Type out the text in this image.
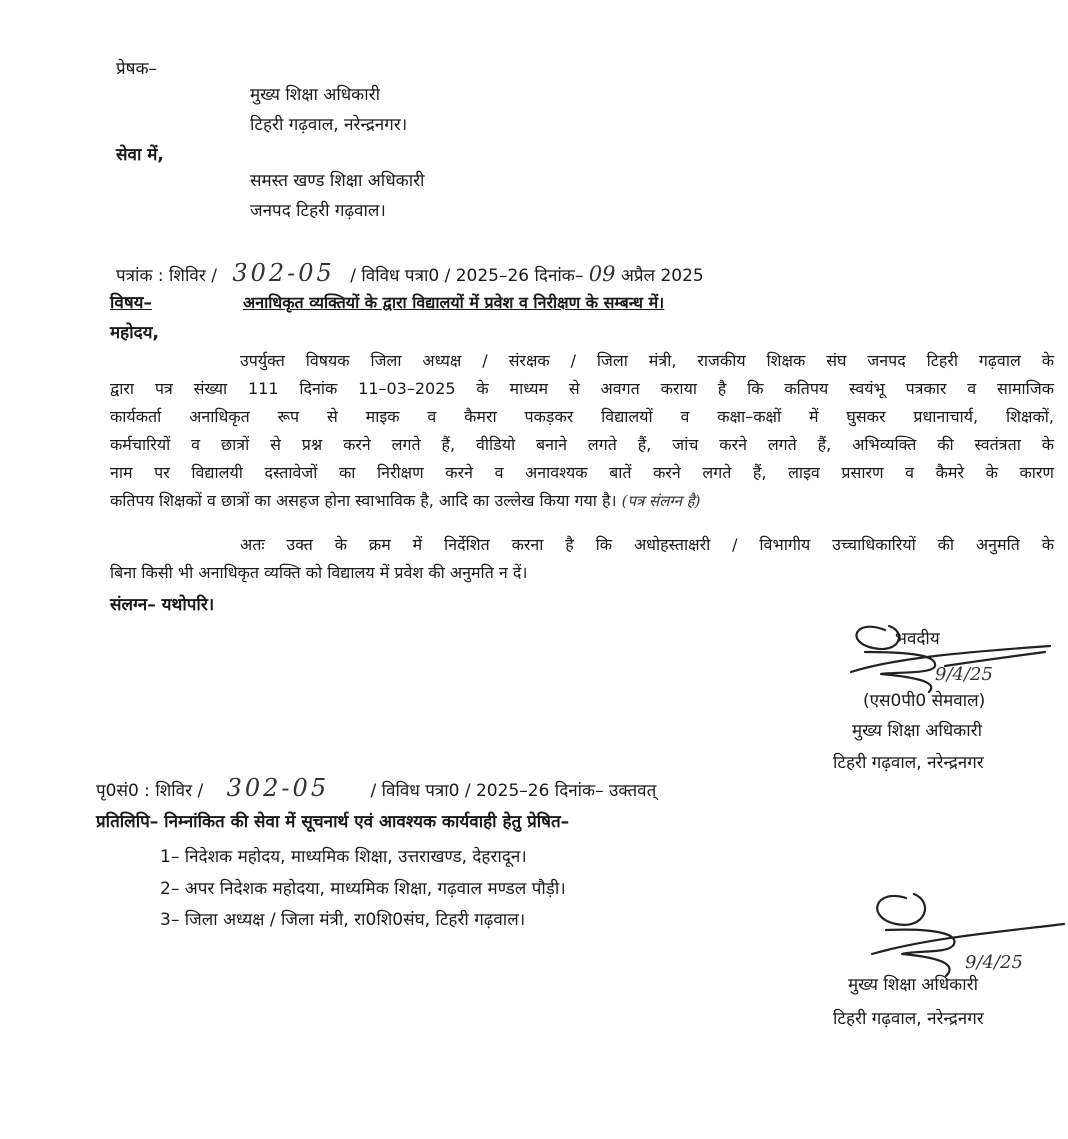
प्रेषक–
मुख्य शिक्षा अधिकारी
टिहरी गढ़वाल, नरेन्द्रनगर।
सेवा में,
समस्त खण्ड शिक्षा अधिकारी
जनपद टिहरी गढ़वाल।
पत्रांक : शिविर / 302-05 / विविध पत्रा0 / 2025–26 दिनांक– 09 अप्रैल 2025
विषय–	अनाधिकृत व्यक्तियों के द्वारा विद्यालयों में प्रवेश व निरीक्षण के सम्बन्ध में।
महोदय,
उपर्युक्त विषयक जिला अध्यक्ष / संरक्षक / जिला मंत्री, राजकीय शिक्षक संघ जनपद टिहरी गढ़वाल के
द्वारा पत्र संख्या 111 दिनांक 11–03–2025 के माध्यम से अवगत कराया है कि कतिपय स्वयंभू पत्रकार व सामाजिक
कार्यकर्ता अनाधिकृत रूप से माइक व कैमरा पकड़कर विद्यालयों व कक्षा–कक्षों में घुसकर प्रधानाचार्य, शिक्षकों,
कर्मचारियों व छात्रों से प्रश्न करने लगते हैं, वीडियो बनाने लगते हैं, जांच करने लगते हैं, अभिव्यक्ति की स्वतंत्रता के
नाम पर विद्यालयी दस्तावेजों का निरीक्षण करने व अनावश्यक बातें करने लगते हैं, लाइव प्रसारण व कैमरे के कारण
कतिपय शिक्षकों व छात्रों का असहज होना स्वाभाविक है, आदि का उल्लेख किया गया है। (पत्र संलग्न है)
अतः उक्त के क्रम में निर्देशित करना है कि अधोहस्ताक्षरी / विभागीय उच्चाधिकारियों की अनुमति के
बिना किसी भी अनाधिकृत व्यक्ति को विद्यालय में प्रवेश की अनुमति न दें।
संलग्न– यथोपरि।
भवदीय
9/4/25
(एस0पी0 सेमवाल)
मुख्य शिक्षा अधिकारी
टिहरी गढ़वाल, नरेन्द्रनगर
पृ0सं0 : शिविर / 302-05 / विविध पत्रा0 / 2025–26 दिनांक– उक्तवत्
प्रतिलिपि– निम्नांकित की सेवा में सूचनार्थ एवं आवश्यक कार्यवाही हेतु प्रेषित–
1– निदेशक महोदय, माध्यमिक शिक्षा, उत्तराखण्ड, देहरादून।
2– अपर निदेशक महोदया, माध्यमिक शिक्षा, गढ़वाल मण्डल पौड़ी।
3– जिला अध्यक्ष / जिला मंत्री, रा0शि0संघ, टिहरी गढ़वाल।
9/4/25
मुख्य शिक्षा अधिकारी
टिहरी गढ़वाल, नरेन्द्रनगर
